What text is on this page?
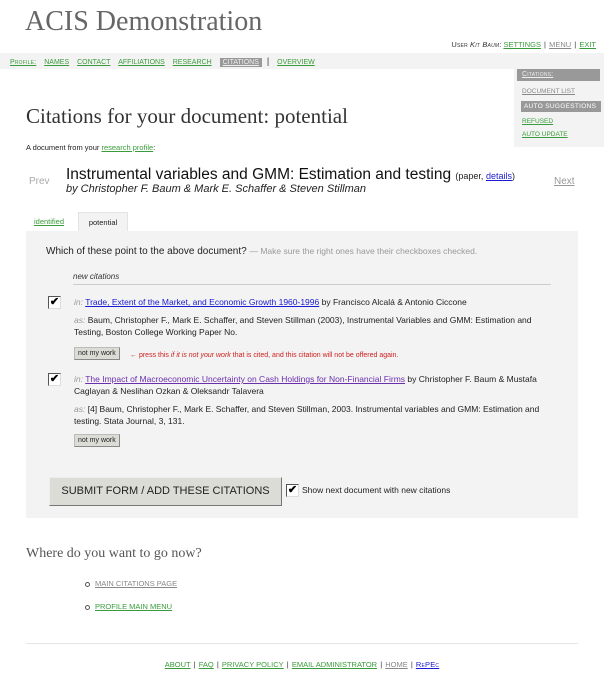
ACIS Demonstration
User Kit Baum: SETTINGS | MENU | EXIT
Profile: NAMES CONTACT AFFILIATIONS RESEARCH CITATIONS | OVERVIEW
Citations:
DOCUMENT LIST
AUTO SUGGESTIONS
REFUSED
AUTO UPDATE
Citations for your document: potential
A document from your research profile:
Prev Instrumental variables and GMM: Estimation and testing (paper, details)
by Christopher F. Baum & Mark E. Schaffer & Steven Stillman
Next
identified	potential
Which of these point to the above document? — Make sure the right ones have their checkboxes checked.
new citations
✔ in: Trade, Extent of the Market, and Economic Growth 1960-1996 by Francisco Alcalá & Antonio Ciccone
as: Baum, Christopher F., Mark E. Schaffer, and Steven Stillman (2003), Instrumental Variables and GMM: Estimation and Testing, Boston College Working Paper No.
not my work	← press this if it is not your work that is cited, and this citation will not be offered again.
✔ in: The Impact of Macroeconomic Uncertainty on Cash Holdings for Non-Financial Firms by Christopher F. Baum & Mustafa Caglayan & Neslihan Ozkan & Oleksandr Talavera
as: [4] Baum, Christopher F., Mark E. Schaffer, and Steven Stillman, 2003. Instrumental variables and GMM: Estimation and testing. Stata Journal, 3, 131.
not my work
SUBMIT FORM / ADD THESE CITATIONS	✔ Show next document with new citations
Where do you want to go now?
MAIN CITATIONS PAGE
PROFILE MAIN MENU
ABOUT | FAQ | PRIVACY POLICY | EMAIL ADMINISTRATOR | HOME | RePEc
